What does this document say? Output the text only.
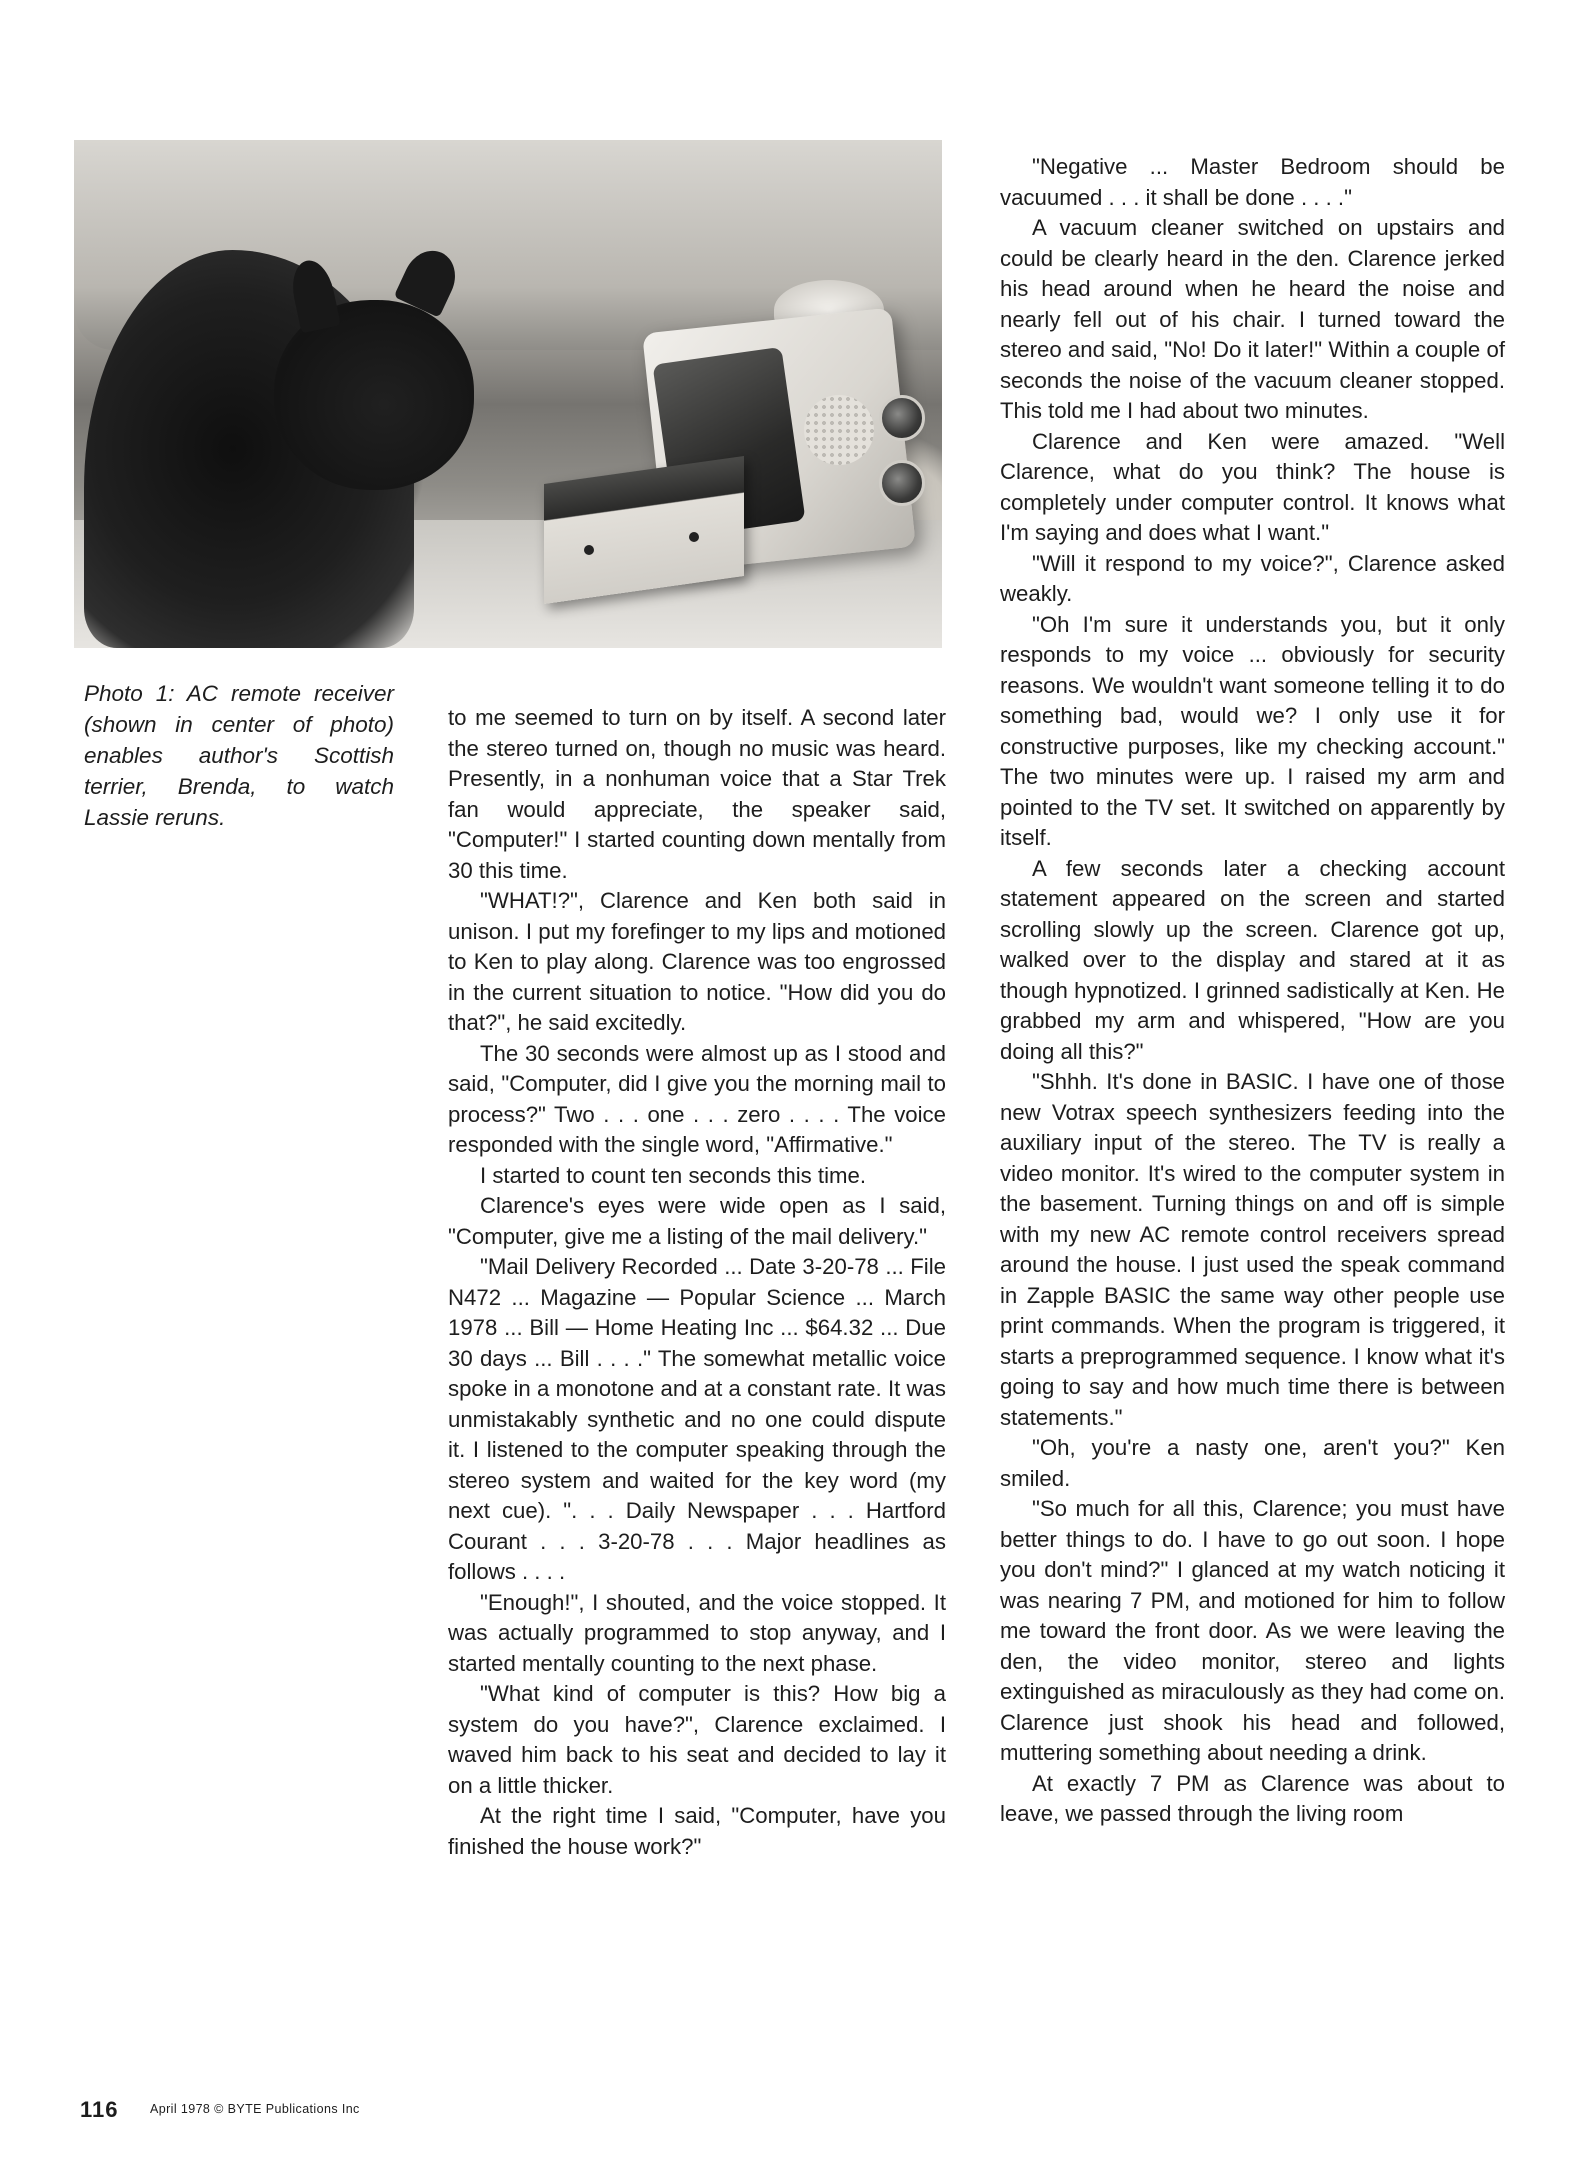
Photo 1: AC remote receiver (shown in center of photo) enables author's Scottish terrier, Brenda, to watch Lassie reruns.

to me seemed to turn on by itself. A second later the stereo turned on, though no music was heard. Presently, in a nonhuman voice that a Star Trek fan would appreciate, the speaker said, "Computer!" I started counting down mentally from 30 this time.

"WHAT!?", Clarence and Ken both said in unison. I put my forefinger to my lips and motioned to Ken to play along. Clarence was too engrossed in the current situation to notice. "How did you do that?", he said excitedly.

The 30 seconds were almost up as I stood and said, "Computer, did I give you the morning mail to process?" Two . . . one . . . zero . . . . The voice responded with the single word, "Affirmative."

I started to count ten seconds this time.

Clarence's eyes were wide open as I said, "Computer, give me a listing of the mail delivery."

"Mail Delivery Recorded ... Date 3-20-78 ... File N472 ... Magazine — Popular Science ... March 1978 ... Bill — Home Heating Inc ... $64.32 ... Due 30 days ... Bill . . . ." The somewhat metallic voice spoke in a monotone and at a constant rate. It was unmistakably synthetic and no one could dispute it. I listened to the computer speaking through the stereo system and waited for the key word (my next cue). ". . . Daily Newspaper . . . Hartford Courant . . . 3-20-78 . . . Major headlines as follows . . . .

"Enough!", I shouted, and the voice stopped. It was actually programmed to stop anyway, and I started mentally counting to the next phase.

"What kind of computer is this? How big a system do you have?", Clarence exclaimed. I waved him back to his seat and decided to lay it on a little thicker.

At the right time I said, "Computer, have you finished the house work?"

"Negative ... Master Bedroom should be vacuumed . . . it shall be done . . . ."

A vacuum cleaner switched on upstairs and could be clearly heard in the den. Clarence jerked his head around when he heard the noise and nearly fell out of his chair. I turned toward the stereo and said, "No! Do it later!" Within a couple of seconds the noise of the vacuum cleaner stopped. This told me I had about two minutes.

Clarence and Ken were amazed. "Well Clarence, what do you think? The house is completely under computer control. It knows what I'm saying and does what I want."

"Will it respond to my voice?", Clarence asked weakly.

"Oh I'm sure it understands you, but it only responds to my voice ... obviously for security reasons. We wouldn't want someone telling it to do something bad, would we? I only use it for constructive purposes, like my checking account." The two minutes were up. I raised my arm and pointed to the TV set. It switched on apparently by itself.

A few seconds later a checking account statement appeared on the screen and started scrolling slowly up the screen. Clarence got up, walked over to the display and stared at it as though hypnotized. I grinned sadistically at Ken. He grabbed my arm and whispered, "How are you doing all this?"

"Shhh. It's done in BASIC. I have one of those new Votrax speech synthesizers feeding into the auxiliary input of the stereo. The TV is really a video monitor. It's wired to the computer system in the basement. Turning things on and off is simple with my new AC remote control receivers spread around the house. I just used the speak command in Zapple BASIC the same way other people use print commands. When the program is triggered, it starts a preprogrammed sequence. I know what it's going to say and how much time there is between statements."

"Oh, you're a nasty one, aren't you?" Ken smiled.

"So much for all this, Clarence; you must have better things to do. I have to go out soon. I hope you don't mind?" I glanced at my watch noticing it was nearing 7 PM, and motioned for him to follow me toward the front door. As we were leaving the den, the video monitor, stereo and lights extinguished as miraculously as they had come on. Clarence just shook his head and followed, muttering something about needing a drink.

At exactly 7 PM as Clarence was about to leave, we passed through the living room

116	April 1978 © BYTE Publications Inc
